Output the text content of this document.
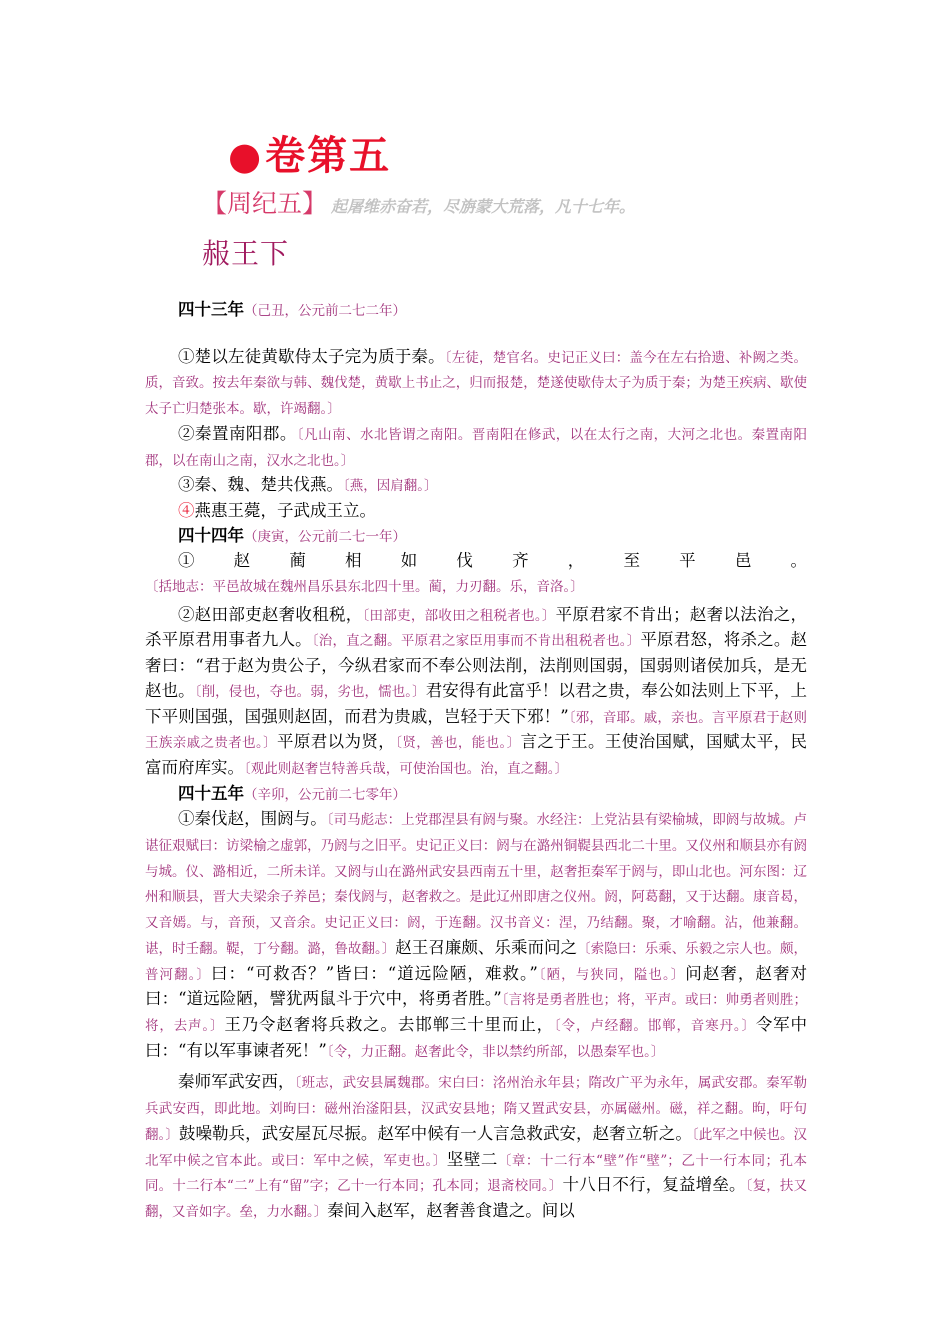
●卷第五
【周纪五】 起屠维赤奋若，尽旃蒙大荒落，凡十七年。
赧王下

四十三年（己丑，公元前二七二年）

①楚以左徒黄歇侍太子完为质于秦。〔左徒，楚官名。史记正义曰：盖今在左右拾遗、补阙之类。质，音致。按去年秦欲与韩、魏伐楚，黄歇上书止之，归而报楚，楚遂使歇侍太子为质于秦；为楚王疾病、歇使太子亡归楚张本。歇，许竭翻。〕

②秦置南阳郡。〔凡山南、水北皆谓之南阳。晋南阳在修武，以在太行之南，大河之北也。秦置南阳郡，以在南山之南，汉水之北也。〕

③秦、魏、楚共伐燕。〔燕，因肩翻。〕

④燕惠王薨，子武成王立。

四十四年（庚寅，公元前二七一年）

①赵蔺相如伐齐，至平邑。〔括地志：平邑故城在魏州昌乐县东北四十里。蔺，力刃翻。乐，音洛。〕

②赵田部吏赵奢收租税，〔田部吏，部收田之租税者也。〕平原君家不肯出；赵奢以法治之，杀平原君用事者九人。〔治，直之翻。平原君之家臣用事而不肯出租税者也。〕平原君怒，将杀之。赵奢曰：“君于赵为贵公子，今纵君家而不奉公则法削，法削则国弱，国弱则诸侯加兵，是无赵也。〔削，侵也，夺也。弱，劣也，懦也。〕君安得有此富乎！以君之贵，奉公如法则上下平，上下平则国强，国强则赵固，而君为贵戚，岂轻于天下邪！”〔邪，音耶。戚，亲也。言平原君于赵则王族亲戚之贵者也。〕平原君以为贤，〔贤，善也，能也。〕言之于王。王使治国赋，国赋太平，民富而府库实。〔观此则赵奢岂特善兵哉，可使治国也。治，直之翻。〕

四十五年（辛卯，公元前二七零年）

①秦伐赵，围阏与。〔司马彪志：上党郡涅县有阏与聚。水经注：上党沾县有梁榆城，即阏与故城。卢谌征艰赋曰：访梁榆之虚郭，乃阏与之旧平。史记正义曰：阏与在潞州铜鞮县西北二十里。又仪州和顺县亦有阏与城。仪、潞相近，二所未详。又阏与山在潞州武安县西南五十里，赵奢拒秦军于阏与，即山北也。河东图：辽州和顺县，晋大夫梁余子养邑；秦伐阏与，赵奢救之。是此辽州即唐之仪州。阏，阿葛翻，又于达翻。康音曷，又音嫣。与，音预，又音余。史记正义曰：阏，于连翻。汉书音义：涅，乃结翻。聚，才喻翻。沾，他兼翻。谌，时壬翻。鞮，丁兮翻。潞，鲁故翻。〕赵王召廉颇、乐乘而问之〔索隐曰：乐乘、乐毅之宗人也。颇，普河翻。〕曰：“可救否？”皆曰：“道远险陋，难救。”〔陋，与狭同，隘也。〕问赵奢，赵奢对曰：“道远险陋，譬犹两鼠斗于穴中，将勇者胜。”〔言将是勇者胜也；将，平声。或曰：帅勇者则胜；将，去声。〕王乃令赵奢将兵救之。去邯郸三十里而止，〔令，卢经翻。邯郸，音寒丹。〕令军中曰：“有以军事谏者死！”〔令，力正翻。赵奢此令，非以禁约所部，以愚秦军也。〕

秦师军武安西，〔班志，武安县属魏郡。宋白曰：洺州治永年县；隋改广平为永年，属武安郡。秦军勒兵武安西，即此地。刘昫曰：磁州治滏阳县，汉武安县地；隋又置武安县，亦属磁州。磁，祥之翻。昫，吁句翻。〕鼓噪勒兵，武安屋瓦尽振。赵军中候有一人言急救武安，赵奢立斩之。〔此军之中候也。汉北军中候之官本此。或曰：军中之候，军吏也。〕坚壁二〔章：十二行本“壁”作“壁”；乙十一行本同；孔本同。十二行本“二”上有“留”字；乙十一行本同；孔本同；退斋校同。〕十八日不行，复益增垒。〔复，扶又翻，又音如字。垒，力水翻。〕秦间入赵军，赵奢善食遣之。间以
